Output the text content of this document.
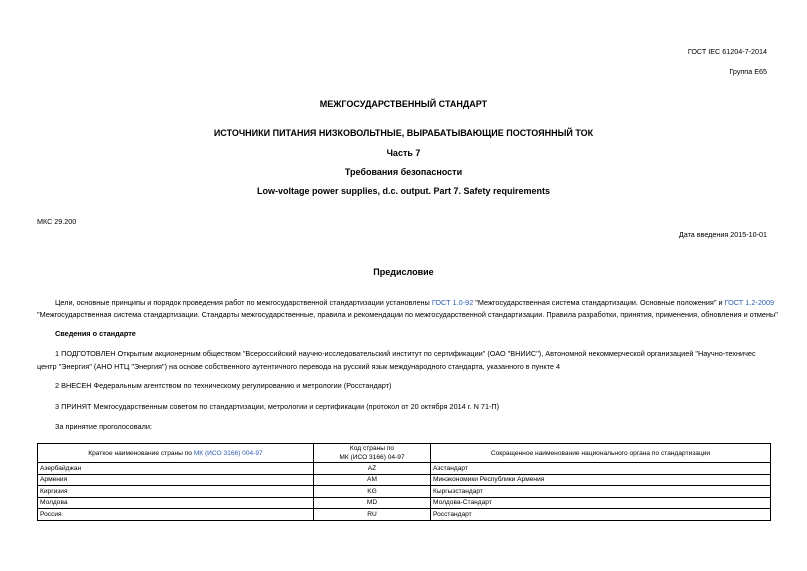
ГОСТ IEC 61204-7-2014
Группа Е65
МЕЖГОСУДАРСТВЕННЫЙ СТАНДАРТ
ИСТОЧНИКИ ПИТАНИЯ НИЗКОВОЛЬТНЫЕ, ВЫРАБАТЫВАЮЩИЕ ПОСТОЯННЫЙ ТОК
Часть 7
Требования безопасности
Low-voltage power supplies, d.c. output. Part 7. Safety requirements
МКС 29.200
Дата введения 2015-10-01
Предисловие
Цели, основные принципы и порядок проведения работ по межгосударственной стандартизации установлены ГОСТ 1.0-92 "Межгосударственная система стандартизации. Основные положения" и ГОСТ 1.2-2009
"Межгосударственная система стандартизации. Стандарты межгосударственные, правила и рекомендации по межгосударственной стандартизации. Правила разработки, принятия, применения, обновления и отмены"
Сведения о стандарте
1 ПОДГОТОВЛЕН Открытым акционерным обществом "Всероссийский научно-исследовательский институт по сертификации" (ОАО "ВНИИС"), Автономной некоммерческой организацией "Научно-техничес
центр "Энергия" (АНО НТЦ "Энергия") на основе собственного аутентичного перевода на русский язык международного стандарта, указанного в пункте 4
2 ВНЕСЕН Федеральным агентством по техническому регулированию и метрологии (Росстандарт)
3 ПРИНЯТ Межгосударственным советом по стандартизации, метрологии и сертификации (протокол от 20 октября 2014 г. N 71-П)
За принятие проголосовали:
Краткое наименование страны по МК (ИСО 3166) 004-97	Код страны по
МК (ИСО 3166) 04-97	Сокращенное наименование национального органа по стандартизации
Азербайджан	AZ	Азстандарт
Армения	AM	Минэкономики Республики Армения
Киргизия	KG	Кыргызстандарт
Молдова	MD	Молдова-Стандарт
Россия	RU	Росстандарт
